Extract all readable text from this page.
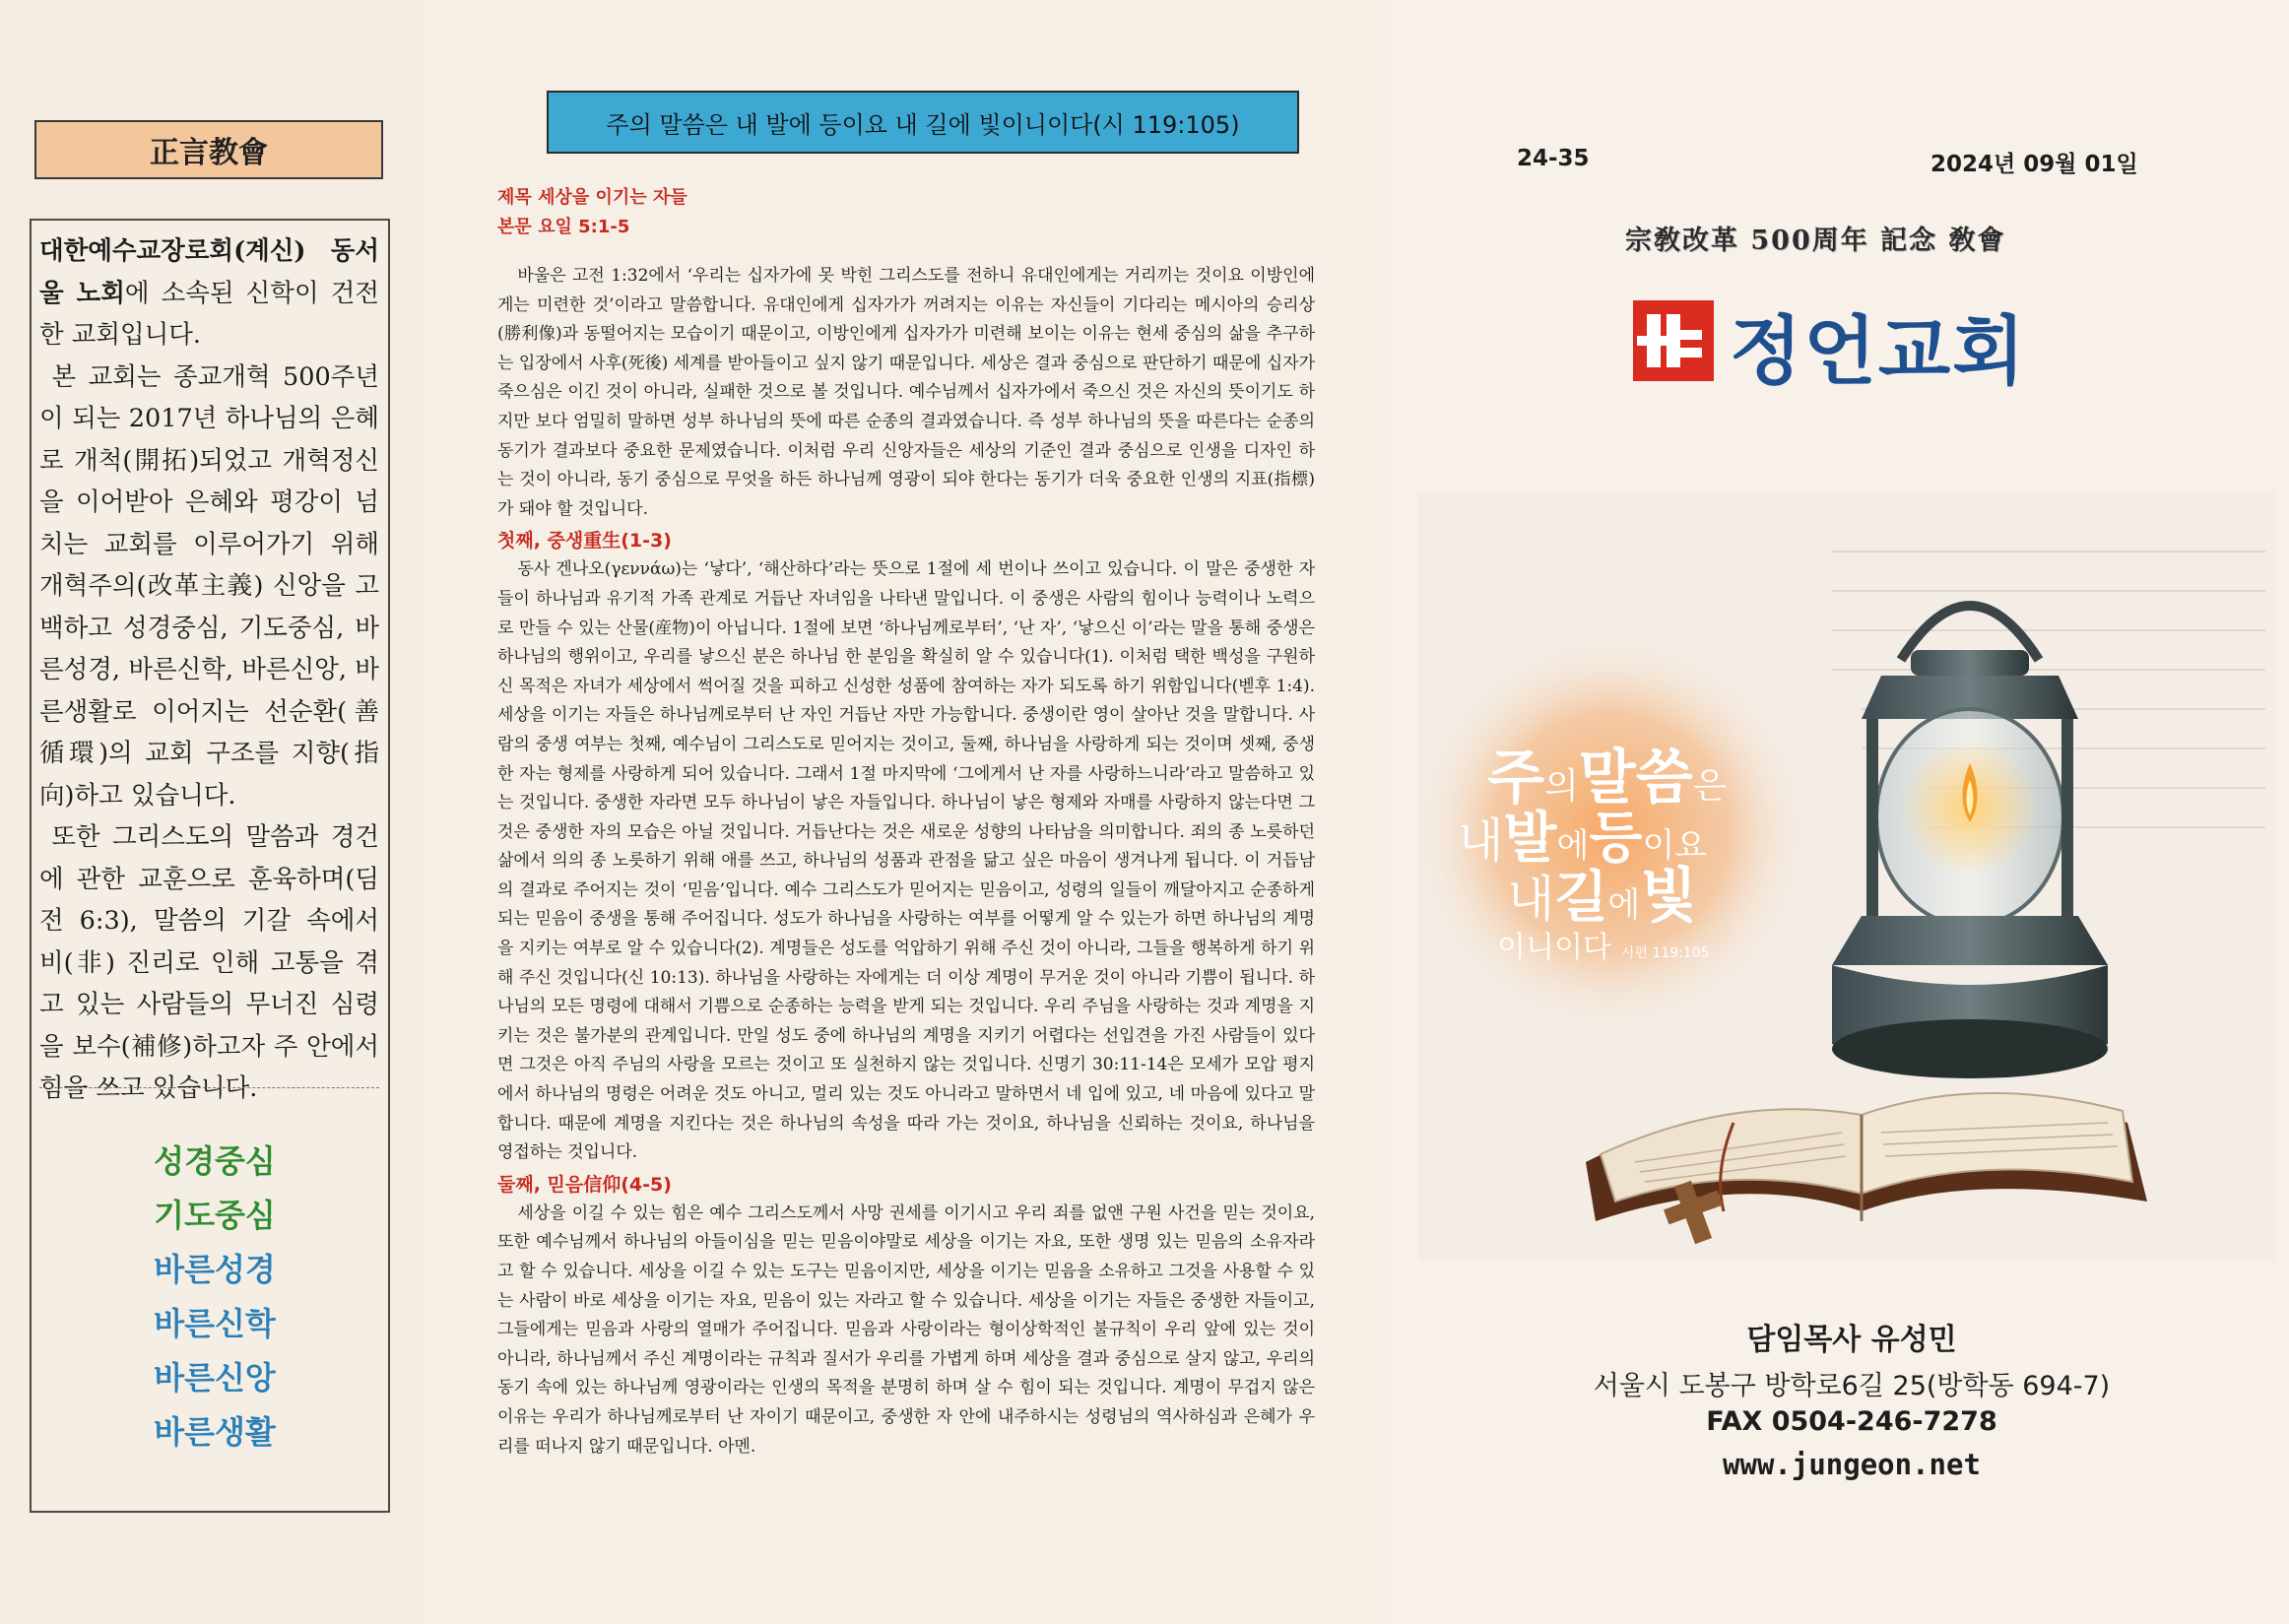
正言教會
대한예수교장로회(계신) 동서울 노회에 소속된 신학이 건전한 교회입니다.
본 교회는 종교개혁 500주년이 되는 2017년 하나님의 은혜로 개척(開拓)되었고 개혁정신을 이어받아 은혜와 평강이 넘치는 교회를 이루어가기 위해 개혁주의(改革主義) 신앙을 고백하고 성경중심, 기도중심, 바른성경, 바른신학, 바른신앙, 바른생활로 이어지는 선순환(善循環)의 교회 구조를 지향(指向)하고 있습니다.
또한 그리스도의 말씀과 경건에 관한 교훈으로 훈육하며(딤전 6:3), 말씀의 기갈 속에서 비(非) 진리로 인해 고통을 겪고 있는 사람들의 무너진 심령을 보수(補修)하고자 주 안에서 힘을 쓰고 있습니다.
성경중심
기도중심
바른성경
바른신학
바른신앙
바른생활
주의 말씀은 내 발에 등이요 내 길에 빛이니이다(시 119:105)

제목 세상을 이기는 자들

본문 요일 5:1-5

바울은 고전 1:32에서 ‘우리는 십자가에 못 박힌 그리스도를 전하니 유대인에게는 거리끼는 것이요 이방인에게는 미련한 것’이라고 말씀합니다. 유대인에게 십자가가 꺼려지는 이유는 자신들이 기다리는 메시아의 승리상(勝利像)과 동떨어지는 모습이기 때문이고, 이방인에게 십자가가 미련해 보이는 이유는 현세 중심의 삶을 추구하는 입장에서 사후(死後) 세계를 받아들이고 싶지 않기 때문입니다. 세상은 결과 중심으로 판단하기 때문에 십자가 죽으심은 이긴 것이 아니라, 실패한 것으로 볼 것입니다. 예수님께서 십자가에서 죽으신 것은 자신의 뜻이기도 하지만 보다 엄밀히 말하면 성부 하나님의 뜻에 따른 순종의 결과였습니다. 즉 성부 하나님의 뜻을 따른다는 순종의 동기가 결과보다 중요한 문제였습니다. 이처럼 우리 신앙자들은 세상의 기준인 결과 중심으로 인생을 디자인 하는 것이 아니라, 동기 중심으로 무엇을 하든 하나님께 영광이 되야 한다는 동기가 더욱 중요한 인생의 지표(指標)가 돼야 할 것입니다.

첫째, 중생重生(1-3)

동사 겐나오(γεννάω)는 ‘낳다’, ‘해산하다’라는 뜻으로 1절에 세 번이나 쓰이고 있습니다. 이 말은 중생한 자들이 하나님과 유기적 가족 관계로 거듭난 자녀임을 나타낸 말입니다. 이 중생은 사람의 힘이나 능력이나 노력으로 만들 수 있는 산물(産物)이 아닙니다. 1절에 보면 ‘하나님께로부터’, ‘난 자’, ‘낳으신 이’라는 말을 통해 중생은 하나님의 행위이고, 우리를 낳으신 분은 하나님 한 분임을 확실히 알 수 있습니다(1). 이처럼 택한 백성을 구원하신 목적은 자녀가 세상에서 썩어질 것을 피하고 신성한 성품에 참여하는 자가 되도록 하기 위함입니다(벧후 1:4). 세상을 이기는 자들은 하나님께로부터 난 자인 거듭난 자만 가능합니다. 중생이란 영이 살아난 것을 말합니다. 사람의 중생 여부는 첫째, 예수님이 그리스도로 믿어지는 것이고, 둘째, 하나님을 사랑하게 되는 것이며 셋째, 중생한 자는 형제를 사랑하게 되어 있습니다. 그래서 1절 마지막에 ‘그에게서 난 자를 사랑하느니라’라고 말씀하고 있는 것입니다. 중생한 자라면 모두 하나님이 낳은 자들입니다. 하나님이 낳은 형제와 자매를 사랑하지 않는다면 그것은 중생한 자의 모습은 아닐 것입니다. 거듭난다는 것은 새로운 성향의 나타남을 의미합니다. 죄의 종 노릇하던 삶에서 의의 종 노릇하기 위해 애를 쓰고, 하나님의 성품과 관점을 닮고 싶은 마음이 생겨나게 됩니다. 이 거듭남의 결과로 주어지는 것이 ‘믿음’입니다. 예수 그리스도가 믿어지는 믿음이고, 성령의 일들이 깨달아지고 순종하게 되는 믿음이 중생을 통해 주어집니다. 성도가 하나님을 사랑하는 여부를 어떻게 알 수 있는가 하면 하나님의 계명을 지키는 여부로 알 수 있습니다(2). 계명들은 성도를 억압하기 위해 주신 것이 아니라, 그들을 행복하게 하기 위해 주신 것입니다(신 10:13). 하나님을 사랑하는 자에게는 더 이상 계명이 무거운 것이 아니라 기쁨이 됩니다. 하나님의 모든 명령에 대해서 기쁨으로 순종하는 능력을 받게 되는 것입니다. 우리 주님을 사랑하는 것과 계명을 지키는 것은 불가분의 관계입니다. 만일 성도 중에 하나님의 계명을 지키기 어렵다는 선입견을 가진 사람들이 있다면 그것은 아직 주님의 사랑을 모르는 것이고 또 실천하지 않는 것입니다. 신명기 30:11-14은 모세가 모압 평지에서 하나님의 명령은 어려운 것도 아니고, 멀리 있는 것도 아니라고 말하면서 네 입에 있고, 네 마음에 있다고 말합니다. 때문에 계명을 지킨다는 것은 하나님의 속성을 따라 가는 것이요, 하나님을 신뢰하는 것이요, 하나님을 영접하는 것입니다.

둘째, 믿음信仰(4-5)

세상을 이길 수 있는 힘은 예수 그리스도께서 사망 권세를 이기시고 우리 죄를 없앤 구원 사건을 믿는 것이요, 또한 예수님께서 하나님의 아들이심을 믿는 믿음이야말로 세상을 이기는 자요, 또한 생명 있는 믿음의 소유자라고 할 수 있습니다. 세상을 이길 수 있는 도구는 믿음이지만, 세상을 이기는 믿음을 소유하고 그것을 사용할 수 있는 사람이 바로 세상을 이기는 자요, 믿음이 있는 자라고 할 수 있습니다. 세상을 이기는 자들은 중생한 자들이고, 그들에게는 믿음과 사랑의 열매가 주어집니다. 믿음과 사랑이라는 형이상학적인 불규칙이 우리 앞에 있는 것이 아니라, 하나님께서 주신 계명이라는 규칙과 질서가 우리를 가볍게 하며 세상을 결과 중심으로 살지 않고, 우리의 동기 속에 있는 하나님께 영광이라는 인생의 목적을 분명히 하며 살 수 힘이 되는 것입니다. 계명이 무겁지 않은 이유는 우리가 하나님께로부터 난 자이기 때문이고, 중생한 자 안에 내주하시는 성령님의 역사하심과 은혜가 우리를 떠나지 않기 때문입니다. 아멘.

24-35	2024년 09월 01일
宗敎改革 500周年 記念 敎會
정언교회
주의말씀은
내발에등이요
내길에빛
이니이다 시편 119:105

담임목사 유성민

서울시 도봉구 방학로6길 25(방학동 694-7)

FAX 0504-246-7278

www.jungeon.net
